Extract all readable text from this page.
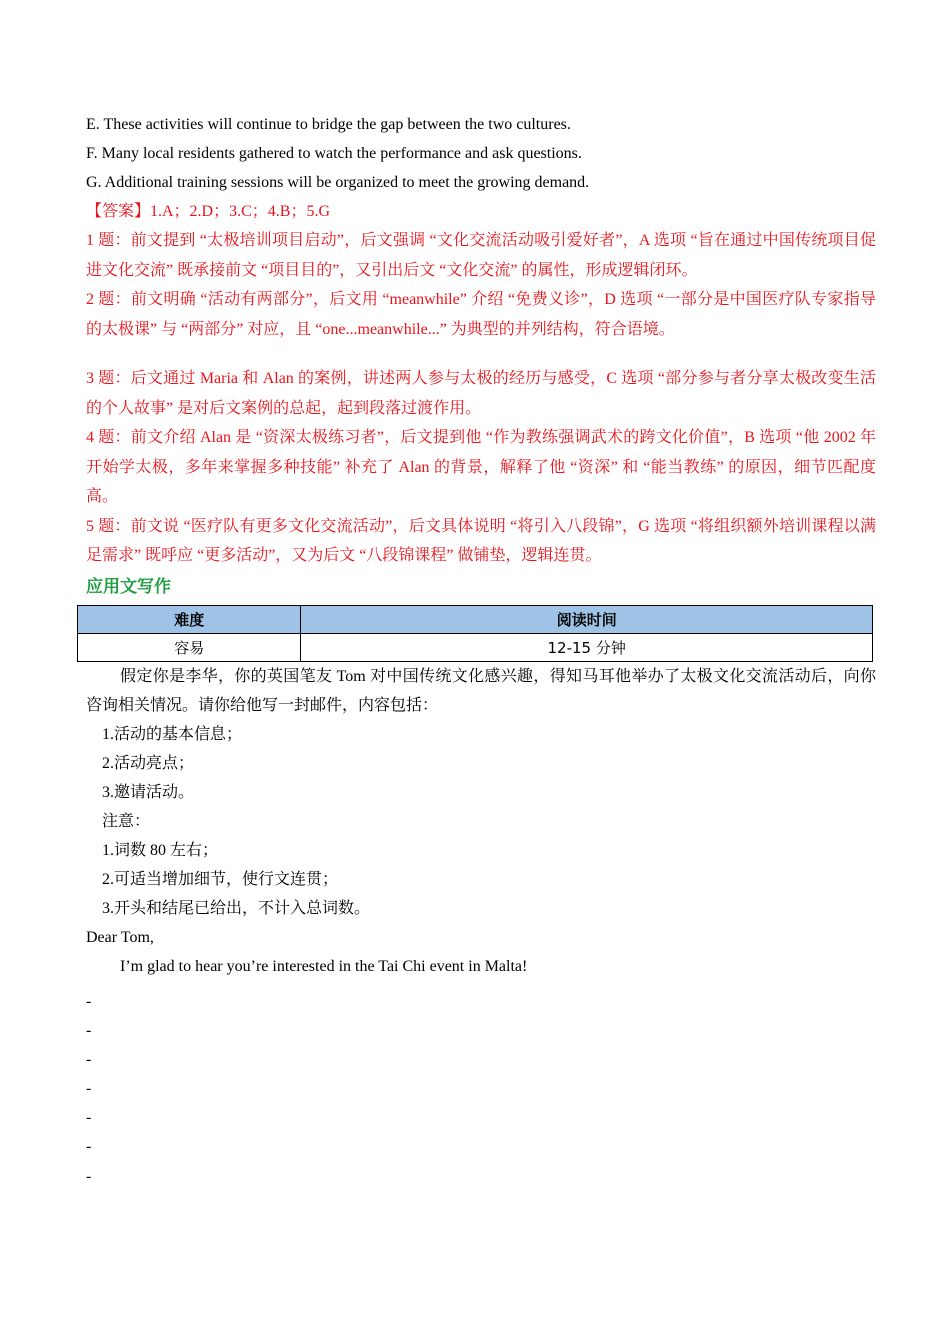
E. These activities will continue to bridge the gap between the two cultures.
F. Many local residents gathered to watch the performance and ask questions.
G. Additional training sessions will be organized to meet the growing demand.
【答案】1.A；2.D；3.C；4.B；5.G
1 题：前文提到 “太极培训项目启动”，后文强调 “文化交流活动吸引爱好者”，A 选项 “旨在通过中国传统项目促进文化交流” 既承接前文 “项目目的”，又引出后文 “文化交流” 的属性，形成逻辑闭环。
2 题：前文明确 “活动有两部分”，后文用 “meanwhile” 介绍 “免费义诊”，D 选项 “一部分是中国医疗队专家指导的太极课” 与 “两部分” 对应，且 “one...meanwhile...” 为典型的并列结构，符合语境。
3 题：后文通过 Maria 和 Alan 的案例，讲述两人参与太极的经历与感受，C 选项 “部分参与者分享太极改变生活的个人故事” 是对后文案例的总起，起到段落过渡作用。
4 题：前文介绍 Alan 是 “资深太极练习者”，后文提到他 “作为教练强调武术的跨文化价值”，B 选项 “他 2002 年开始学太极，多年来掌握多种技能” 补充了 Alan 的背景，解释了他 “资深” 和 “能当教练” 的原因，细节匹配度高。
5 题：前文说 “医疗队有更多文化交流活动”，后文具体说明 “将引入八段锦”，G 选项 “将组织额外培训课程以满足需求” 既呼应 “更多活动”，又为后文 “八段锦课程” 做铺垫，逻辑连贯。
应用文写作
难度	阅读时间
容易	12-15 分钟
假定你是李华，你的英国笔友 Tom 对中国传统文化感兴趣，得知马耳他举办了太极文化交流活动后，向你咨询相关情况。请你给他写一封邮件，内容包括：
1.活动的基本信息；
2.活动亮点；
3.邀请活动。
注意：
1.词数 80 左右；
2.可适当增加细节，使行文连贯；
3.开头和结尾已给出，不计入总词数。
Dear Tom,
I’m glad to hear you’re interested in the Tai Chi event in Malta!
-
-
-
-
-
-
-
